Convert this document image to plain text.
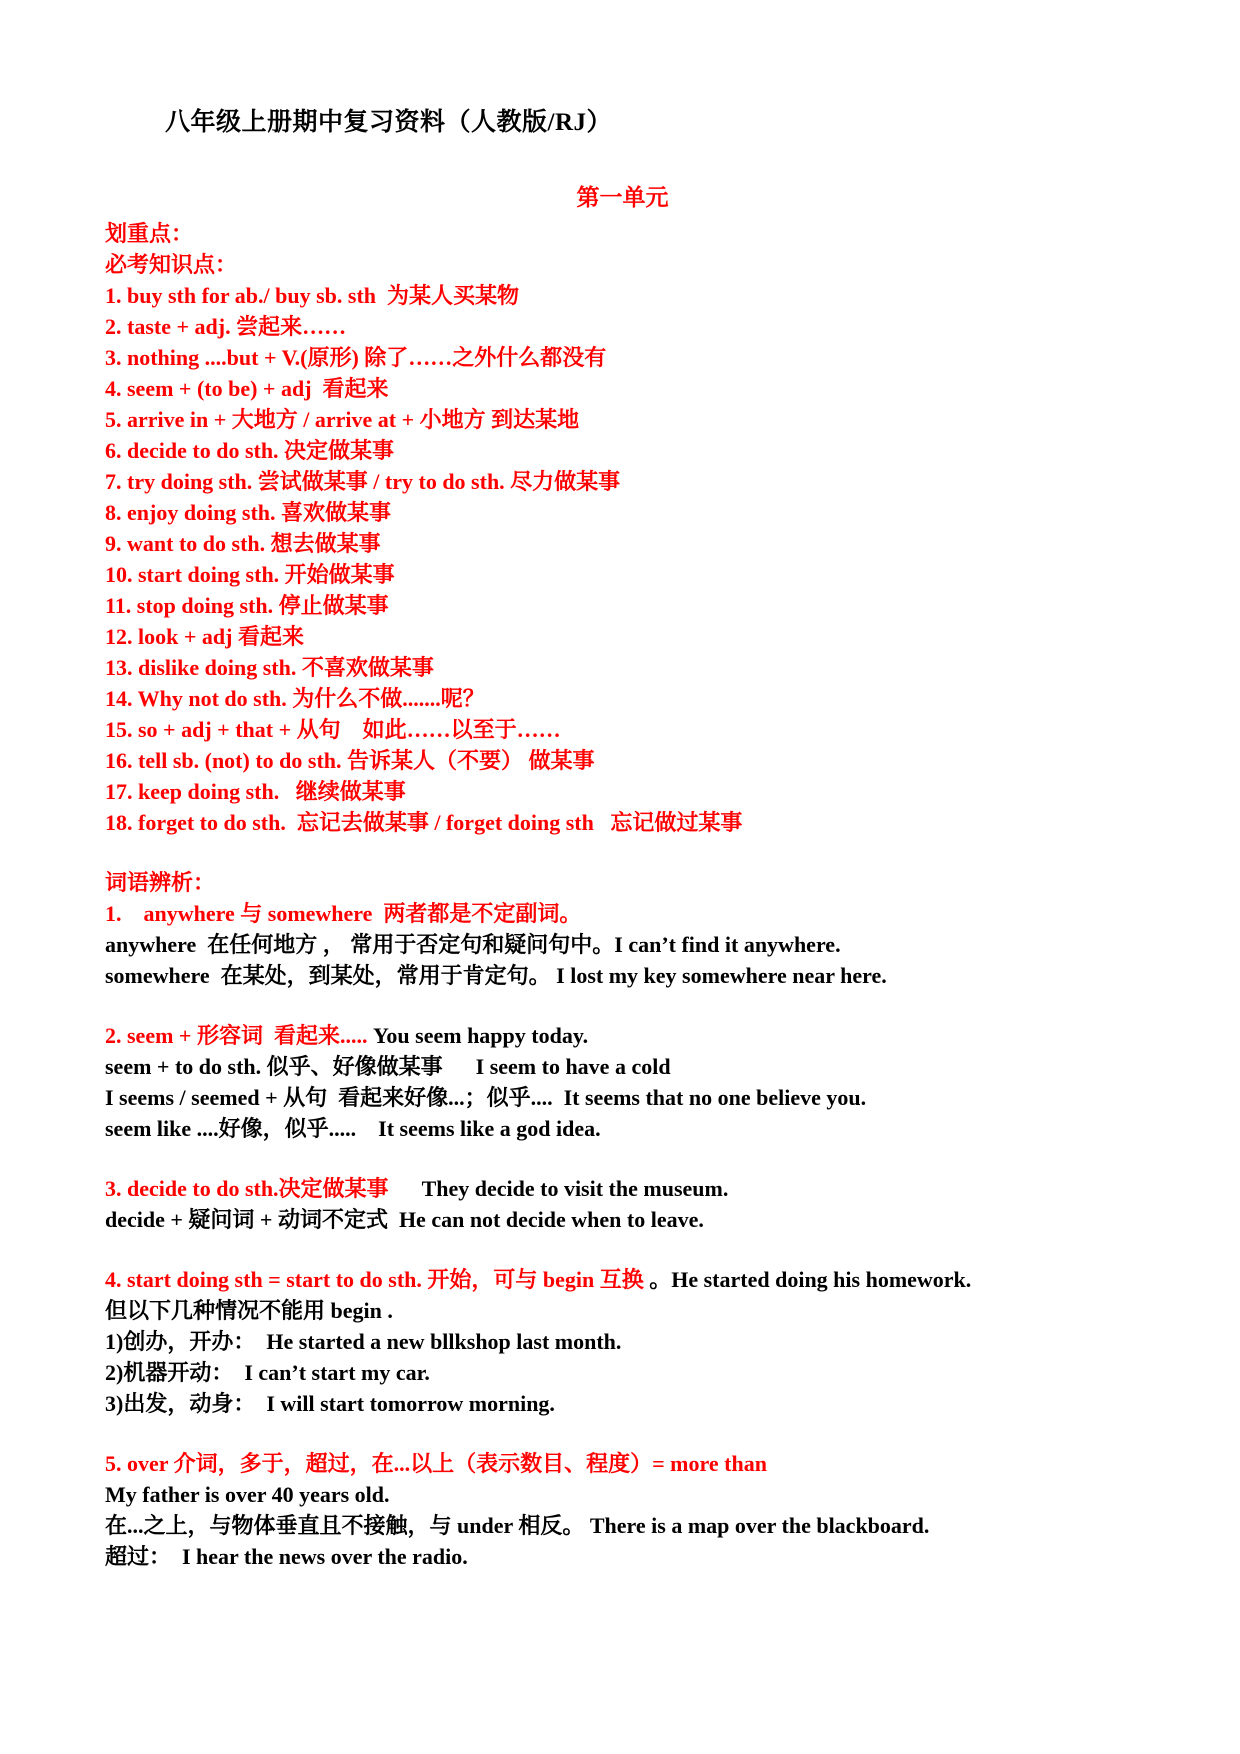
八年级上册期中复习资料（人教版/RJ）
第一单元
划重点：
必考知识点：
1. buy sth for ab./ buy sb. sth  为某人买某物
2. taste + adj. 尝起来……
3. nothing ....but + V.(原形) 除了……之外什么都没有
4. seem + (to be) + adj  看起来
5. arrive in + 大地方 / arrive at + 小地方 到达某地
6. decide to do sth. 决定做某事
7. try doing sth. 尝试做某事 / try to do sth. 尽力做某事
8. enjoy doing sth. 喜欢做某事
9. want to do sth. 想去做某事
10. start doing sth. 开始做某事
11. stop doing sth. 停止做某事
12. look + adj 看起来
13. dislike doing sth. 不喜欢做某事
14. Why not do sth. 为什么不做.......呢？
15. so + adj + that + 从句    如此……以至于……
16. tell sb. (not) to do sth. 告诉某人（不要） 做某事
17. keep doing sth.   继续做某事
18. forget to do sth.  忘记去做某事 / forget doing sth   忘记做过某事
词语辨析：
1.    anywhere 与 somewhere  两者都是不定副词。
anywhere  在任何地方 ， 常用于否定句和疑问句中。I can’t find it anywhere.
somewhere  在某处，到某处，常用于肯定句。 I lost my key somewhere near here.
2. seem + 形容词  看起来..... You seem happy today.
seem + to do sth. 似乎、好像做某事      I seem to have a cold
I seems / seemed + 从句  看起来好像...；似乎....  It seems that no one believe you.
seem like ....好像，似乎.....    It seems like a god idea.
3. decide to do sth.决定做某事      They decide to visit the museum.
decide + 疑问词 + 动词不定式  He can not decide when to leave.
4. start doing sth = start to do sth. 开始，可与 begin 互换 。He started doing his homework.
但以下几种情况不能用 begin .
1)创办，开办：  He started a new bllkshop last month.
2)机器开动：  I can’t start my car.
3)出发，动身：  I will start tomorrow morning.
5. over 介词，多于，超过，在...以上（表示数目、程度）= more than
My father is over 40 years old.
在...之上，与物体垂直且不接触，与 under 相反。 There is a map over the blackboard.
超过：  I hear the news over the radio.
